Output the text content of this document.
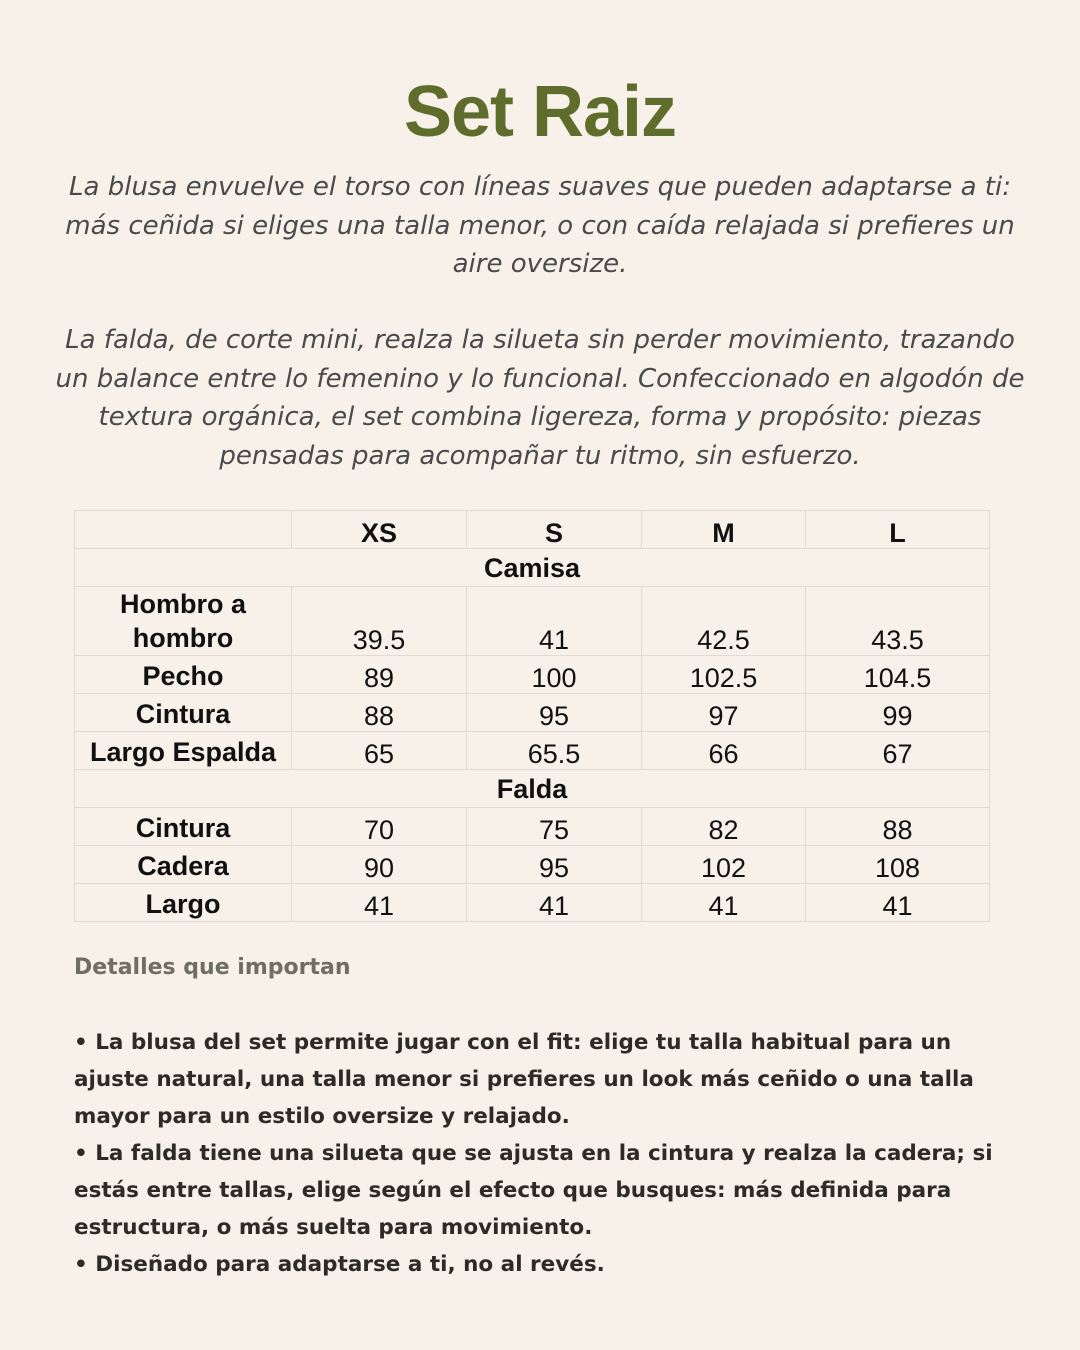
Set Raiz

La blusa envuelve el torso con líneas suaves que pueden adaptarse a ti: más ceñida si eliges una talla menor, o con caída relajada si prefieres un aire oversize.

La falda, de corte mini, realza la silueta sin perder movimiento, trazando un balance entre lo femenino y lo funcional. Confeccionado en algodón de textura orgánica, el set combina ligereza, forma y propósito: piezas pensadas para acompañar tu ritmo, sin esfuerzo.

	XS	S	M	L
Camisa				
Hombro a hombro	39.5	41	42.5	43.5
Pecho	89	100	102.5	104.5
Cintura	88	95	97	99
Largo Espalda	65	65.5	66	67
Falda				
Cintura	70	75	82	88
Cadera	90	95	102	108
Largo	41	41	41	41
Detalles que importan
• La blusa del set permite jugar con el fit: elige tu talla habitual para un ajuste natural, una talla menor si prefieres un look más ceñido o una talla mayor para un estilo oversize y relajado.
• La falda tiene una silueta que se ajusta en la cintura y realza la cadera; si estás entre tallas, elige según el efecto que busques: más definida para estructura, o más suelta para movimiento.
• Diseñado para adaptarse a ti, no al revés.
